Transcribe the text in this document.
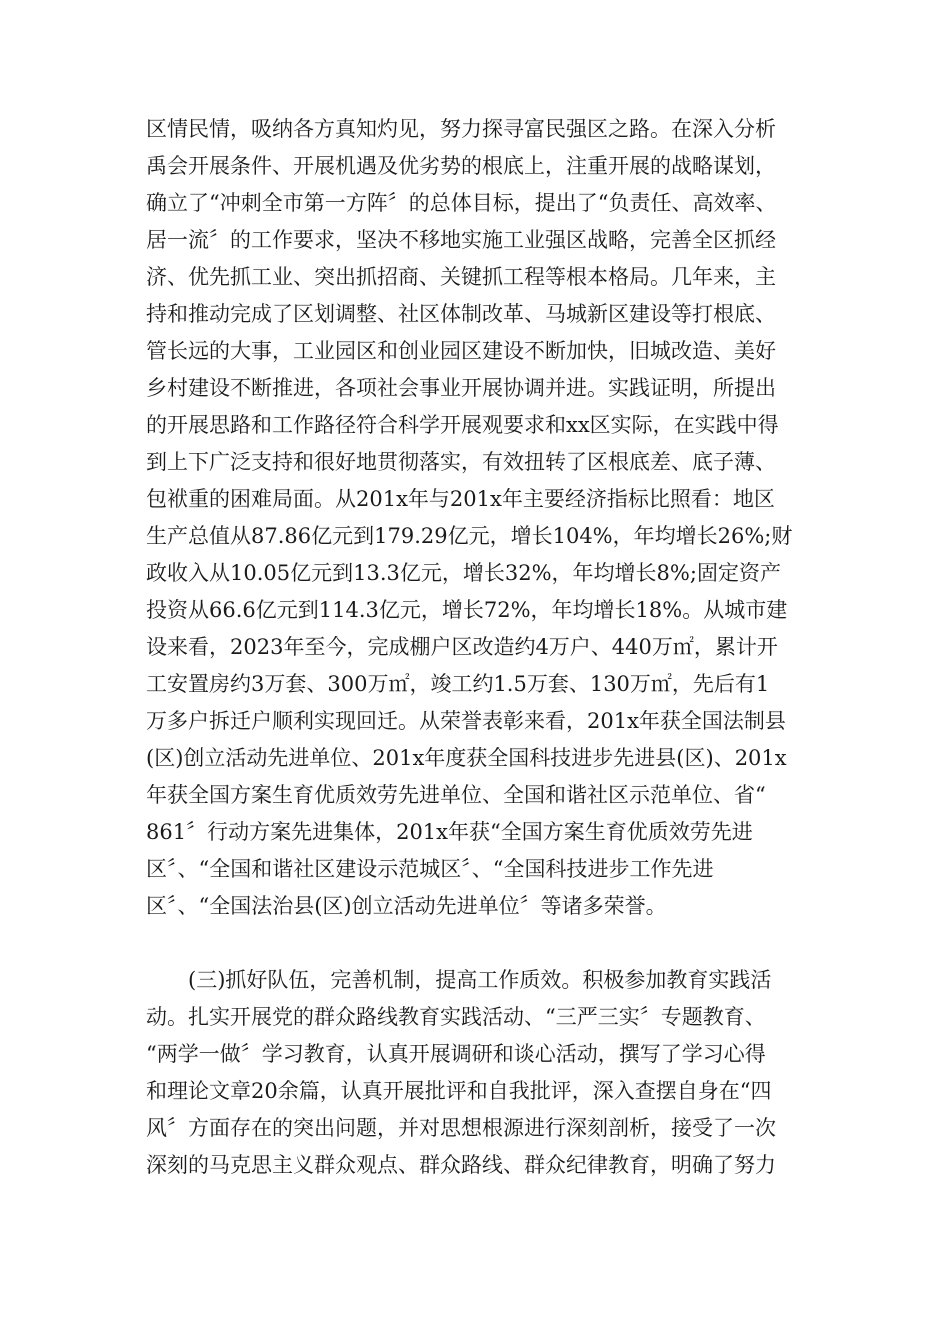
区情民情，吸纳各方真知灼见，努力探寻富民强区之路。在深入分析
禹会开展条件、开展机遇及优劣势的根底上，注重开展的战略谋划，
确立了“冲刺全市第一方阵〞的总体目标，提出了“负责任、高效率、
居一流〞的工作要求，坚决不移地实施工业强区战略，完善全区抓经
济、优先抓工业、突出抓招商、关键抓工程等根本格局。几年来，主
持和推动完成了区划调整、社区体制改革、马城新区建设等打根底、
管长远的大事，工业园区和创业园区建设不断加快，旧城改造、美好
乡村建设不断推进，各项社会事业开展协调并进。实践证明，所提出
的开展思路和工作路径符合科学开展观要求和xx区实际，在实践中得
到上下广泛支持和很好地贯彻落实，有效扭转了区根底差、底子薄、
包袱重的困难局面。从201x年与201x年主要经济指标比照看：地区
生产总值从87.86亿元到179.29亿元，增长104%，年均增长26%;财
政收入从10.05亿元到13.3亿元，增长32%，年均增长8%;固定资产
投资从66.6亿元到114.3亿元，增长72%，年均增长18%。从城市建
设来看，2023年至今，完成棚户区改造约4万户、440万㎡，累计开
工安置房约3万套、300万㎡，竣工约1.5万套、130万㎡，先后有1
万多户拆迁户顺利实现回迁。从荣誉表彰来看，201x年获全国法制县
(区)创立活动先进单位、201x年度获全国科技进步先进县(区)、201x
年获全国方案生育优质效劳先进单位、全国和谐社区示范单位、省“
861〞行动方案先进集体，201x年获“全国方案生育优质效劳先进
区〞、“全国和谐社区建设示范城区〞、“全国科技进步工作先进
区〞、“全国法治县(区)创立活动先进单位〞等诸多荣誉。
(三)抓好队伍，完善机制，提高工作质效。积极参加教育实践活
动。扎实开展党的群众路线教育实践活动、“三严三实〞专题教育、
“两学一做〞学习教育，认真开展调研和谈心活动，撰写了学习心得
和理论文章20余篇，认真开展批评和自我批评，深入查摆自身在“四
风〞方面存在的突出问题，并对思想根源进行深刻剖析，接受了一次
深刻的马克思主义群众观点、群众路线、群众纪律教育，明确了努力
